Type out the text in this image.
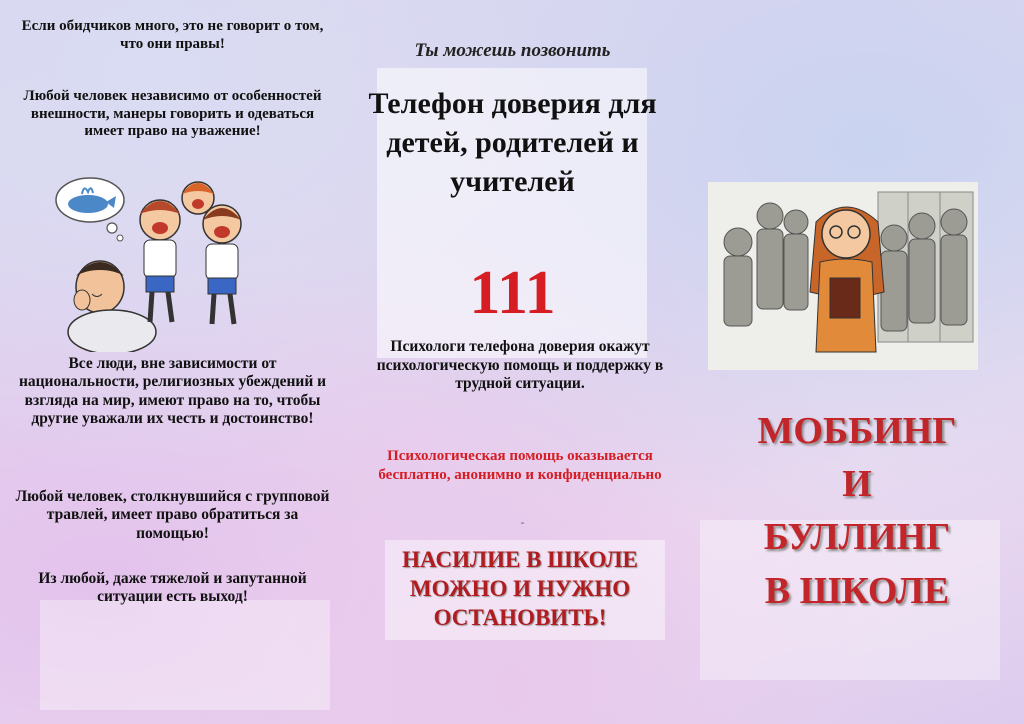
Если обидчиков много, это не говорит о том, что они правы!
Любой человек независимо от особенностей внешности, манеры говорить и одеваться имеет право на уважение!
Все люди, вне зависимости от национальности, религиозных убеждений и взгляда на мир, имеют право на то, чтобы другие уважали их честь и достоинство!
Любой человек, столкнувшийся с групповой травлей, имеет право обратиться за помощью!
Из любой, даже тяжелой и запутанной ситуации есть выход!
Ты можешь позвонить
Телефон доверия для детей, родителей и учителей
111
Психологи телефона доверия окажут психологическую помощь и поддержку в трудной ситуации.
Психологическая помощь оказывается бесплатно, анонимно и конфиденциально
-
НАСИЛИЕ В ШКОЛЕ МОЖНО И НУЖНО ОСТАНОВИТЬ!
МОББИНГ
И
БУЛЛИНГ
В ШКОЛЕ
